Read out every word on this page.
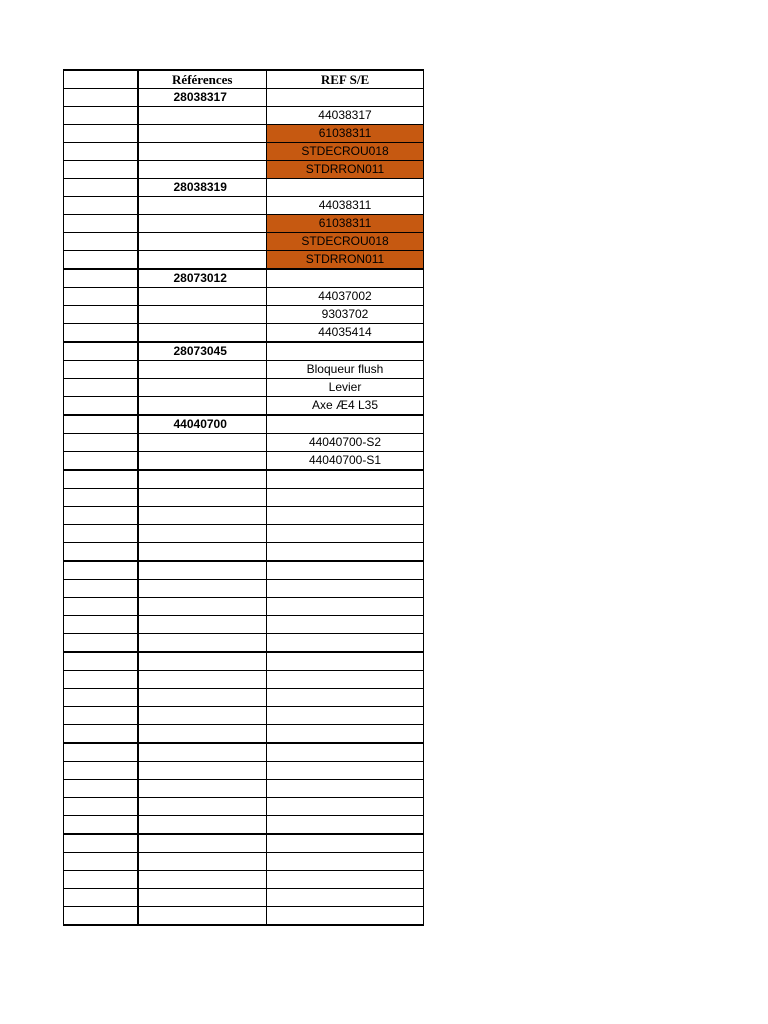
	Références	REF S/E
	28038317	
		44038317
		61038311
		STDECROU018
		STDRRON011
	28038319	
		44038311
		61038311
		STDECROU018
		STDRRON011
	28073012	
		44037002
		9303702
		44035414
	28073045	
		Bloqueur flush
		Levier
		Axe Æ4 L35
	44040700	
		44040700-S2
		44040700-S1
